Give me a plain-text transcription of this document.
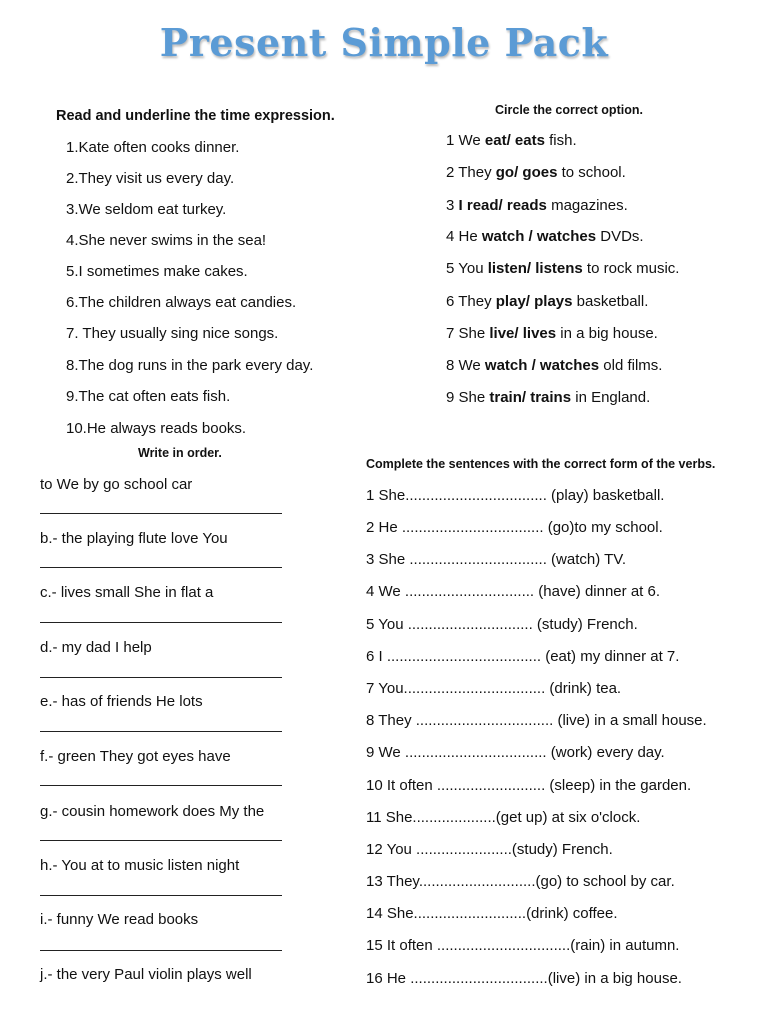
Present Simple Pack
Read and underline the time expression.
1.Kate often cooks dinner.
2.They visit us every day.
3.We seldom eat turkey.
4.She never swims in the sea!
5.I sometimes make cakes.
6.The children always eat candies.
7. They usually sing nice songs.
8.The dog runs in the park every day.
9.The cat often eats fish.
10.He always reads books.
Circle the correct option.
1 We eat/ eats fish.
2 They go/ goes to school.
3 I read/ reads magazines.
4 He watch / watches DVDs.
5 You listen/ listens to rock music.
6 They play/ plays basketball.
7 She live/ lives in a big house.
8 We watch / watches old films.
9 She train/ trains in England.
Write in order.
to We by go school car
b.- the playing flute love You
c.- lives small She in flat a
d.- my dad I help
e.- has of friends He lots
f.- green They got eyes have
g.- cousin homework does My the
h.- You at to music listen night
i.- funny We read books
j.- the very Paul violin plays well
Complete the sentences with the correct form of the verbs.
1 She.................................. (play) basketball.
2 He .................................. (go)to my school.
3 She ................................. (watch) TV.
4 We ............................... (have) dinner at 6.
5 You .............................. (study) French.
6 I ..................................... (eat) my dinner at 7.
7 You.................................. (drink) tea.
8 They ................................. (live) in a small house.
9 We .................................. (work) every day.
10 It often .......................... (sleep) in the garden.
11 She....................(get up) at six o'clock.
12 You .......................(study) French.
13 They............................(go) to school by car.
14 She...........................(drink) coffee.
15 It often ................................(rain) in autumn.
16 He .................................(live) in a big house.
